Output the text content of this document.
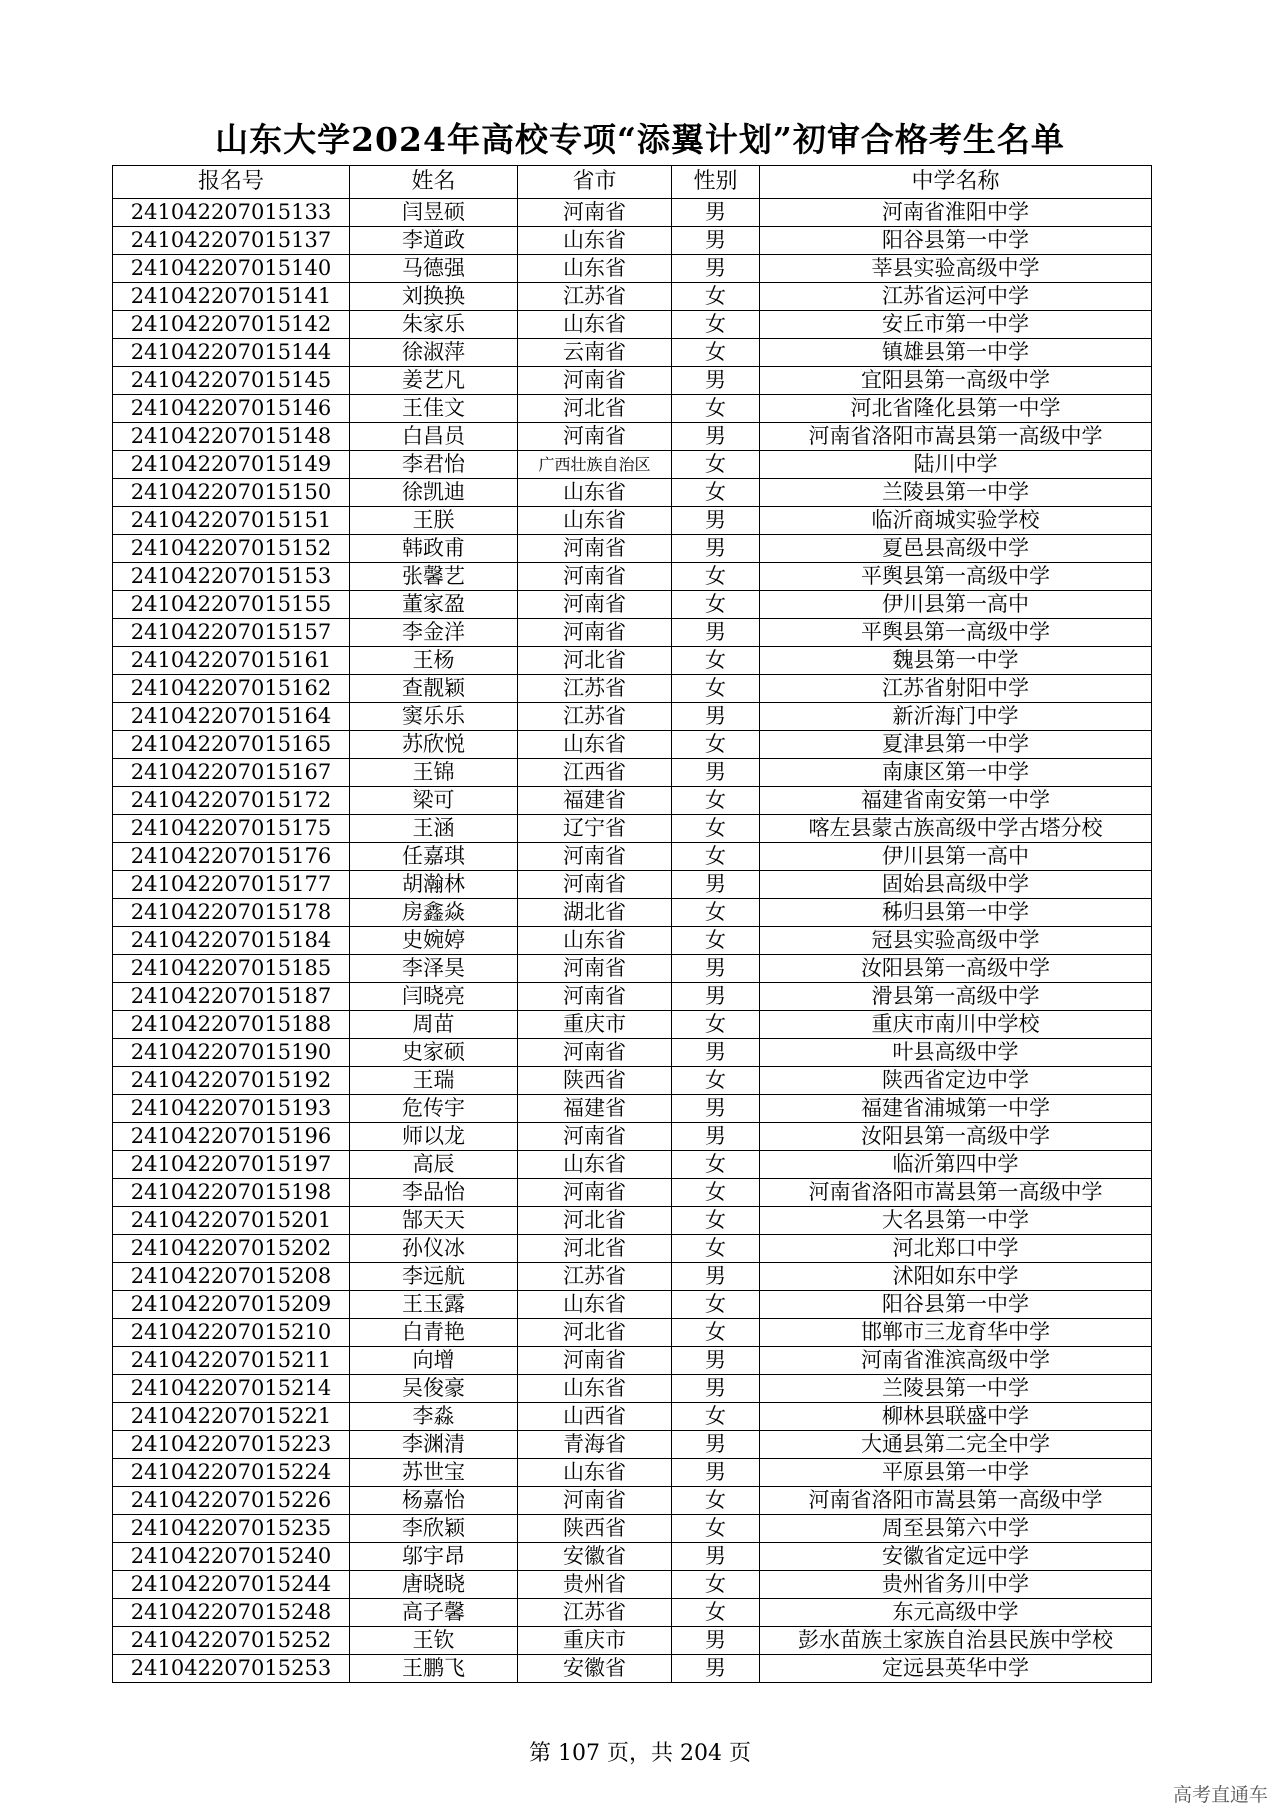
山东大学2024年高校专项“添翼计划”初审合格考生名单
报名号	姓名	省市	性别	中学名称
241042207015133	闫昱硕	河南省	男	河南省淮阳中学
241042207015137	李道政	山东省	男	阳谷县第一中学
241042207015140	马德强	山东省	男	莘县实验高级中学
241042207015141	刘换换	江苏省	女	江苏省运河中学
241042207015142	朱家乐	山东省	女	安丘市第一中学
241042207015144	徐淑萍	云南省	女	镇雄县第一中学
241042207015145	姜艺凡	河南省	男	宜阳县第一高级中学
241042207015146	王佳文	河北省	女	河北省隆化县第一中学
241042207015148	白昌员	河南省	男	河南省洛阳市嵩县第一高级中学
241042207015149	李君怡	广西壮族自治区	女	陆川中学
241042207015150	徐凯迪	山东省	女	兰陵县第一中学
241042207015151	王朕	山东省	男	临沂商城实验学校
241042207015152	韩政甫	河南省	男	夏邑县高级中学
241042207015153	张馨艺	河南省	女	平舆县第一高级中学
241042207015155	董家盈	河南省	女	伊川县第一高中
241042207015157	李金洋	河南省	男	平舆县第一高级中学
241042207015161	王杨	河北省	女	魏县第一中学
241042207015162	查靓颖	江苏省	女	江苏省射阳中学
241042207015164	窦乐乐	江苏省	男	新沂海门中学
241042207015165	苏欣悦	山东省	女	夏津县第一中学
241042207015167	王锦	江西省	男	南康区第一中学
241042207015172	梁可	福建省	女	福建省南安第一中学
241042207015175	王涵	辽宁省	女	喀左县蒙古族高级中学古塔分校
241042207015176	任嘉琪	河南省	女	伊川县第一高中
241042207015177	胡瀚林	河南省	男	固始县高级中学
241042207015178	房鑫焱	湖北省	女	秭归县第一中学
241042207015184	史婉婷	山东省	女	冠县实验高级中学
241042207015185	李泽昊	河南省	男	汝阳县第一高级中学
241042207015187	闫晓亮	河南省	男	滑县第一高级中学
241042207015188	周苗	重庆市	女	重庆市南川中学校
241042207015190	史家硕	河南省	男	叶县高级中学
241042207015192	王瑞	陕西省	女	陕西省定边中学
241042207015193	危传宇	福建省	男	福建省浦城第一中学
241042207015196	师以龙	河南省	男	汝阳县第一高级中学
241042207015197	高辰	山东省	女	临沂第四中学
241042207015198	李品怡	河南省	女	河南省洛阳市嵩县第一高级中学
241042207015201	郜天天	河北省	女	大名县第一中学
241042207015202	孙仪冰	河北省	女	河北郑口中学
241042207015208	李远航	江苏省	男	沭阳如东中学
241042207015209	王玉露	山东省	女	阳谷县第一中学
241042207015210	白青艳	河北省	女	邯郸市三龙育华中学
241042207015211	向增	河南省	男	河南省淮滨高级中学
241042207015214	吴俊豪	山东省	男	兰陵县第一中学
241042207015221	李淼	山西省	女	柳林县联盛中学
241042207015223	李渊清	青海省	男	大通县第二完全中学
241042207015224	苏世宝	山东省	男	平原县第一中学
241042207015226	杨嘉怡	河南省	女	河南省洛阳市嵩县第一高级中学
241042207015235	李欣颖	陕西省	女	周至县第六中学
241042207015240	邬宇昂	安徽省	男	安徽省定远中学
241042207015244	唐晓晓	贵州省	女	贵州省务川中学
241042207015248	高子馨	江苏省	女	东元高级中学
241042207015252	王钦	重庆市	男	彭水苗族土家族自治县民族中学校
241042207015253	王鹏飞	安徽省	男	定远县英华中学
第 107 页，共 204 页
高考直通车
